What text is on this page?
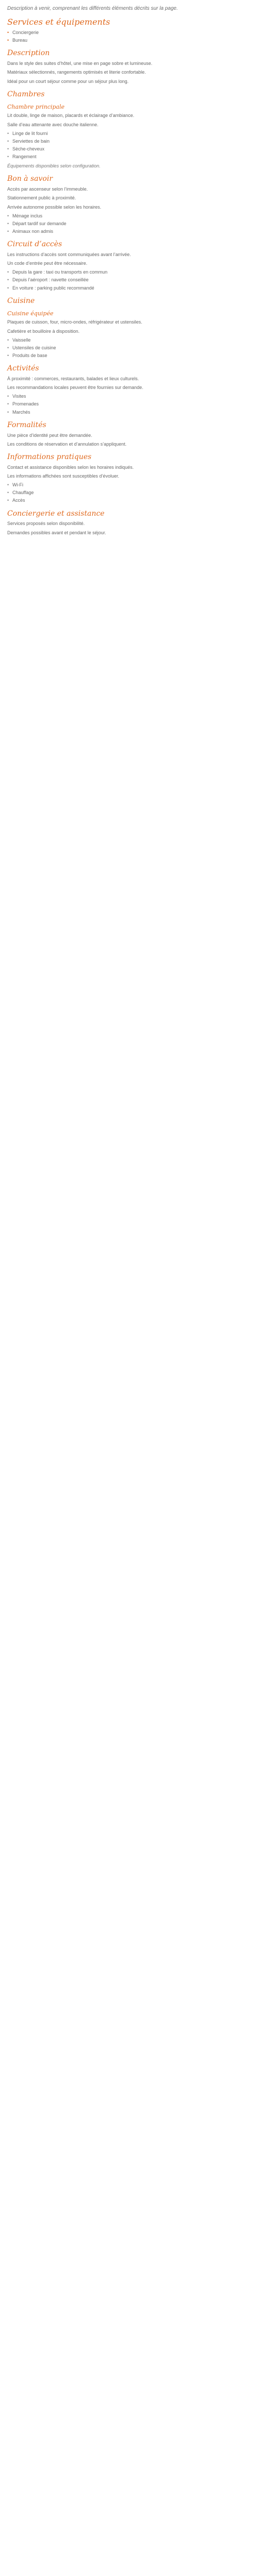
Description à venir, comprenant les différents éléments décrits sur la page.
Services et équipements
• Conciergerie
• Bureau
Description
Dans le style des suites d’hôtel, une mise en page sobre et lumineuse.
Matériaux sélectionnés, rangements optimisés et literie confortable.
Idéal pour un court séjour comme pour un séjour plus long.
Chambres
Chambre principale
Lit double, linge de maison, placards et éclairage d’ambiance.
Salle d’eau attenante avec douche italienne.
• Linge de lit fourni
• Serviettes de bain
• Sèche-cheveux
• Rangement
Équipements disponibles selon configuration.
Bon à savoir
Accès par ascenseur selon l’immeuble.
Stationnement public à proximité.
Arrivée autonome possible selon les horaires.
• Ménage inclus
• Départ tardif sur demande
• Animaux non admis
Circuit d’accès
Les instructions d’accès sont communiquées avant l’arrivée.
Un code d’entrée peut être nécessaire.
• Depuis la gare : taxi ou transports en commun
• Depuis l’aéroport : navette conseillée
• En voiture : parking public recommandé
Cuisine
Cuisine équipée
Plaques de cuisson, four, micro-ondes, réfrigérateur et ustensiles.
Cafetière et bouilloire à disposition.
• Vaisselle
• Ustensiles de cuisine
• Produits de base
Activités
À proximité : commerces, restaurants, balades et lieux culturels.
Les recommandations locales peuvent être fournies sur demande.
• Visites
• Promenades
• Marchés
Formalités
Une pièce d’identité peut être demandée.
Les conditions de réservation et d’annulation s’appliquent.
Informations pratiques
Contact et assistance disponibles selon les horaires indiqués.
Les informations affichées sont susceptibles d’évoluer.
• Wi‑Fi
• Chauffage
• Accès
Conciergerie et assistance
Services proposés selon disponibilité.
Demandes possibles avant et pendant le séjour.
